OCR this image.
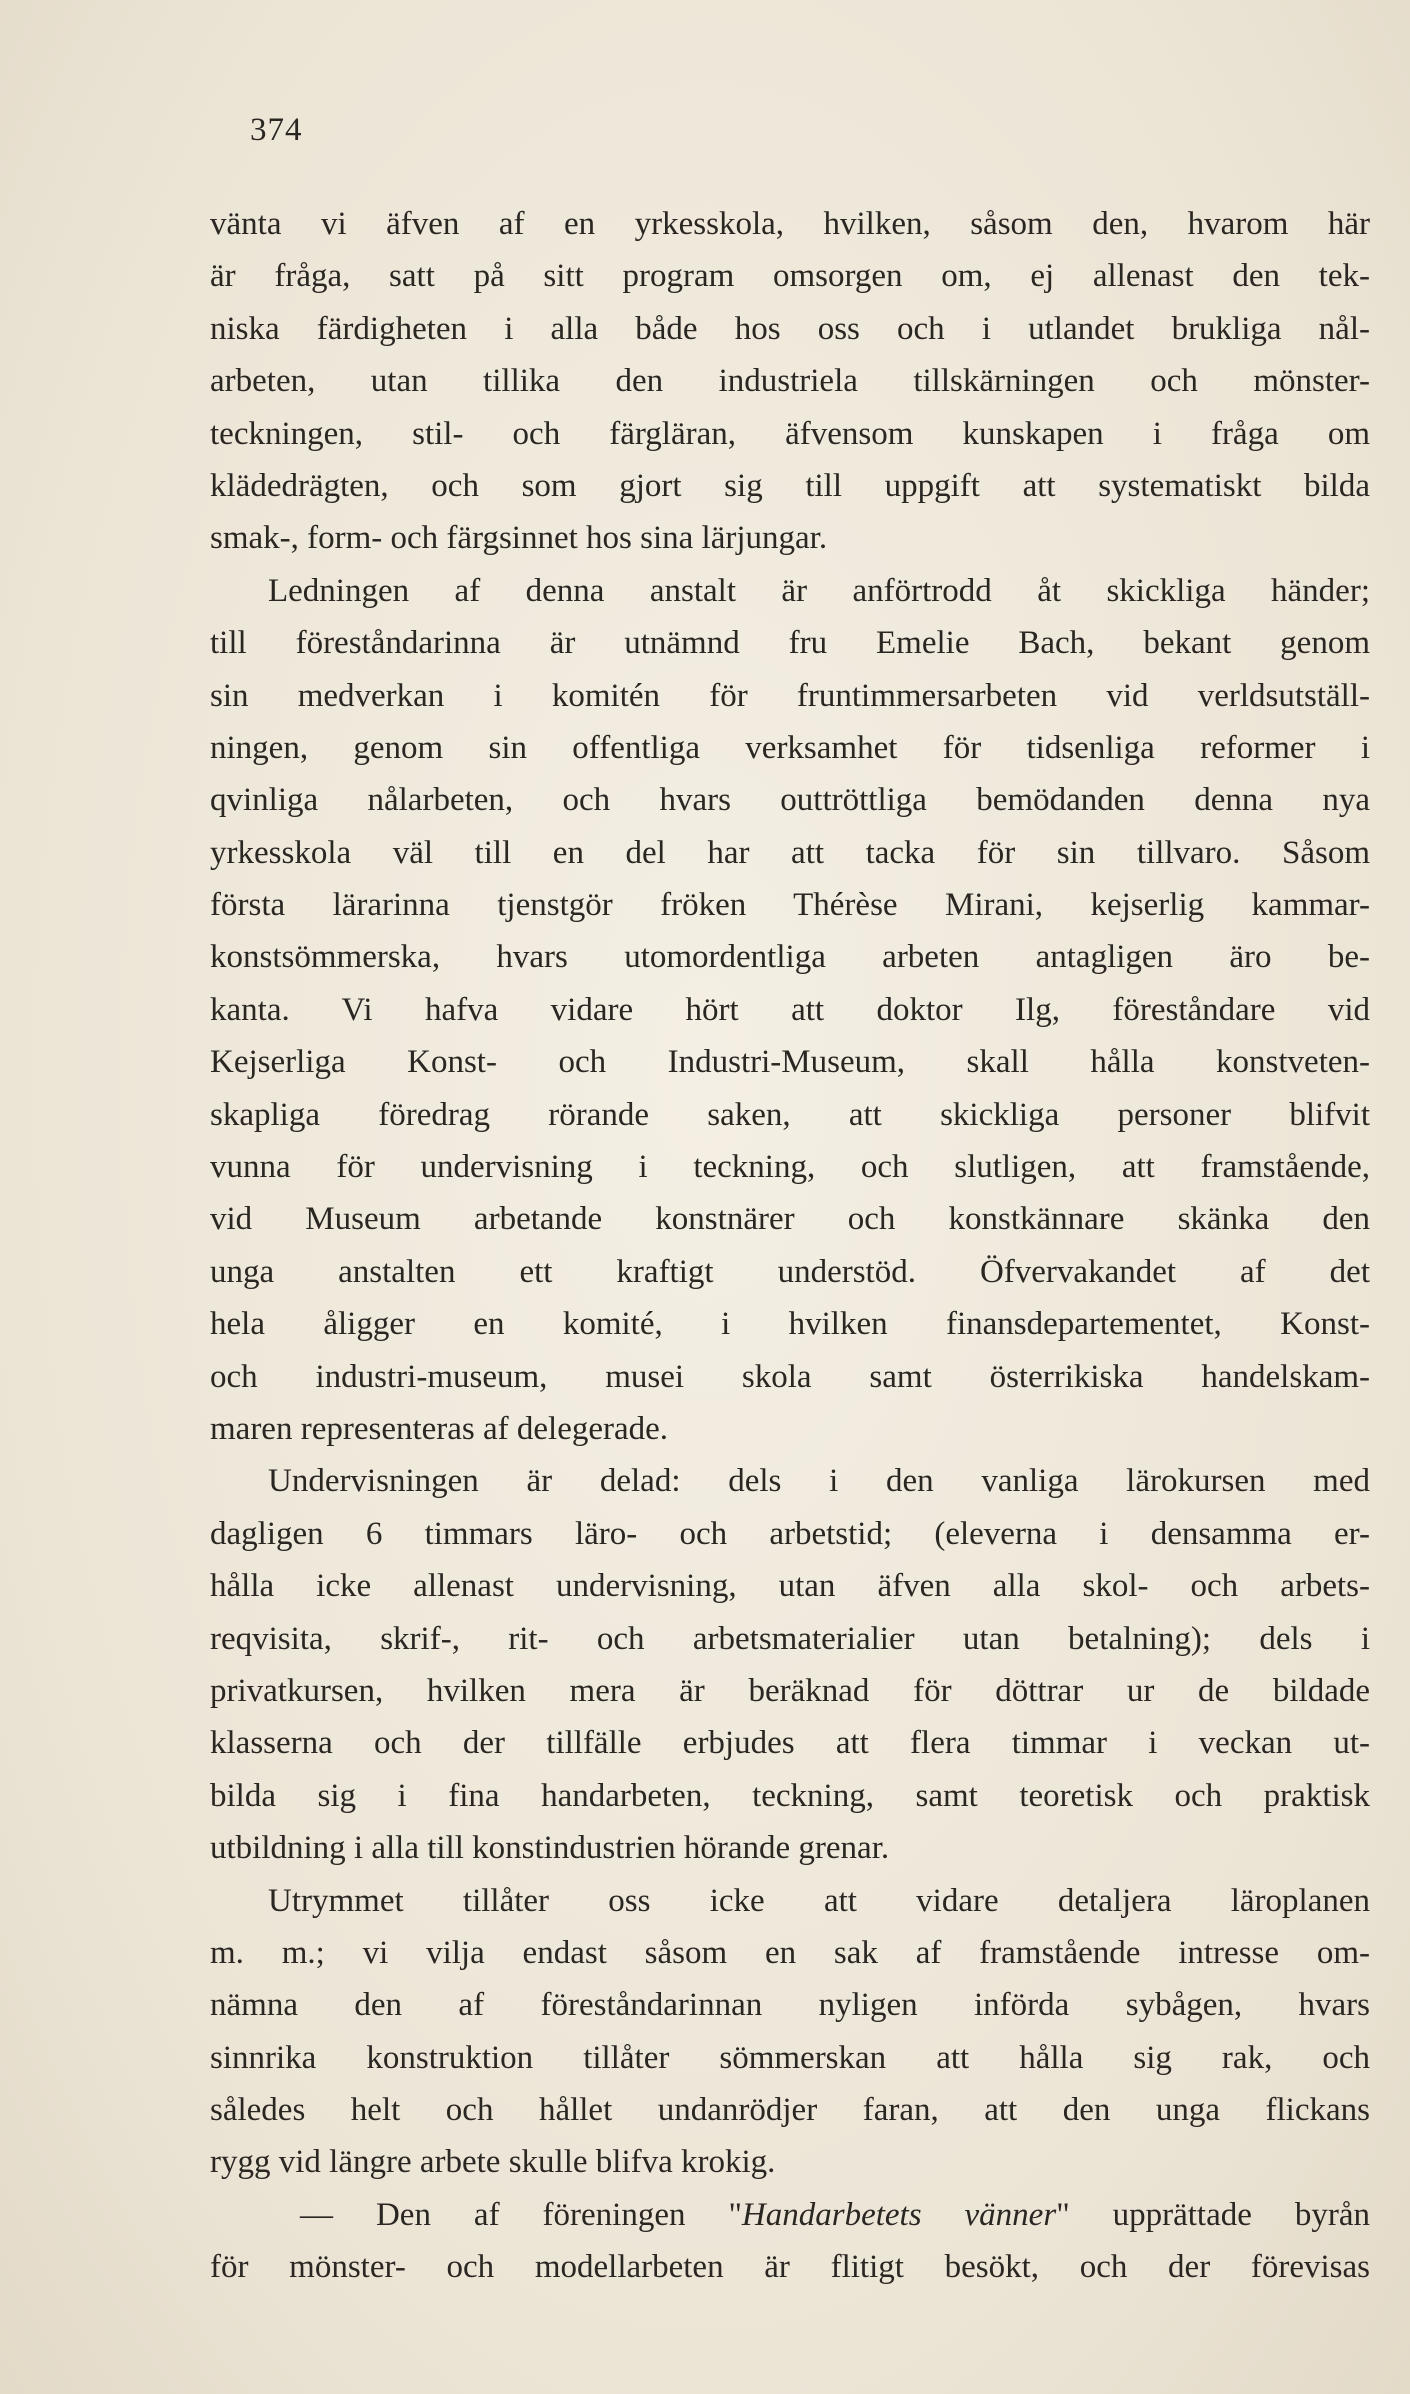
374
vänta vi äfven af en yrkesskola, hvilken, såsom den, hvarom här
är fråga, satt på sitt program omsorgen om, ej allenast den tek-
niska färdigheten i alla både hos oss och i utlandet brukliga nål-
arbeten, utan tillika den industriela tillskärningen och mönster-
teckningen, stil- och färgläran, äfvensom kunskapen i fråga om
klädedrägten, och som gjort sig till uppgift att systematiskt bilda
smak-, form- och färgsinnet hos sina lärjungar.
Ledningen af denna anstalt är anförtrodd åt skickliga händer;
till föreståndarinna är utnämnd fru Emelie Bach, bekant genom
sin medverkan i komitén för fruntimmersarbeten vid verldsutställ-
ningen, genom sin offentliga verksamhet för tidsenliga reformer i
qvinliga nålarbeten, och hvars outtröttliga bemödanden denna nya
yrkesskola väl till en del har att tacka för sin tillvaro. Såsom
första lärarinna tjenstgör fröken Thérèse Mirani, kejserlig kammar-
konstsömmerska, hvars utomordentliga arbeten antagligen äro be-
kanta. Vi hafva vidare hört att doktor Ilg, föreståndare vid
Kejserliga Konst- och Industri-Museum, skall hålla konstveten-
skapliga föredrag rörande saken, att skickliga personer blifvit
vunna för undervisning i teckning, och slutligen, att framstående,
vid Museum arbetande konstnärer och konstkännare skänka den
unga anstalten ett kraftigt understöd. Öfvervakandet af det
hela åligger en komité, i hvilken finansdepartementet, Konst-
och industri-museum, musei skola samt österrikiska handelskam-
maren representeras af delegerade.
Undervisningen är delad: dels i den vanliga lärokursen med
dagligen 6 timmars läro- och arbetstid; (eleverna i densamma er-
hålla icke allenast undervisning, utan äfven alla skol- och arbets-
reqvisita, skrif-, rit- och arbetsmaterialier utan betalning); dels i
privatkursen, hvilken mera är beräknad för döttrar ur de bildade
klasserna och der tillfälle erbjudes att flera timmar i veckan ut-
bilda sig i fina handarbeten, teckning, samt teoretisk och praktisk
utbildning i alla till konstindustrien hörande grenar.
Utrymmet tillåter oss icke att vidare detaljera läroplanen
m. m.; vi vilja endast såsom en sak af framstående intresse om-
nämna den af föreståndarinnan nyligen införda sybågen, hvars
sinnrika konstruktion tillåter sömmerskan att hålla sig rak, och
således helt och hållet undanrödjer faran, att den unga flickans
rygg vid längre arbete skulle blifva krokig.
— Den af föreningen "Handarbetets vänner" upprättade byrån
för mönster- och modellarbeten är flitigt besökt, och der förevisas
